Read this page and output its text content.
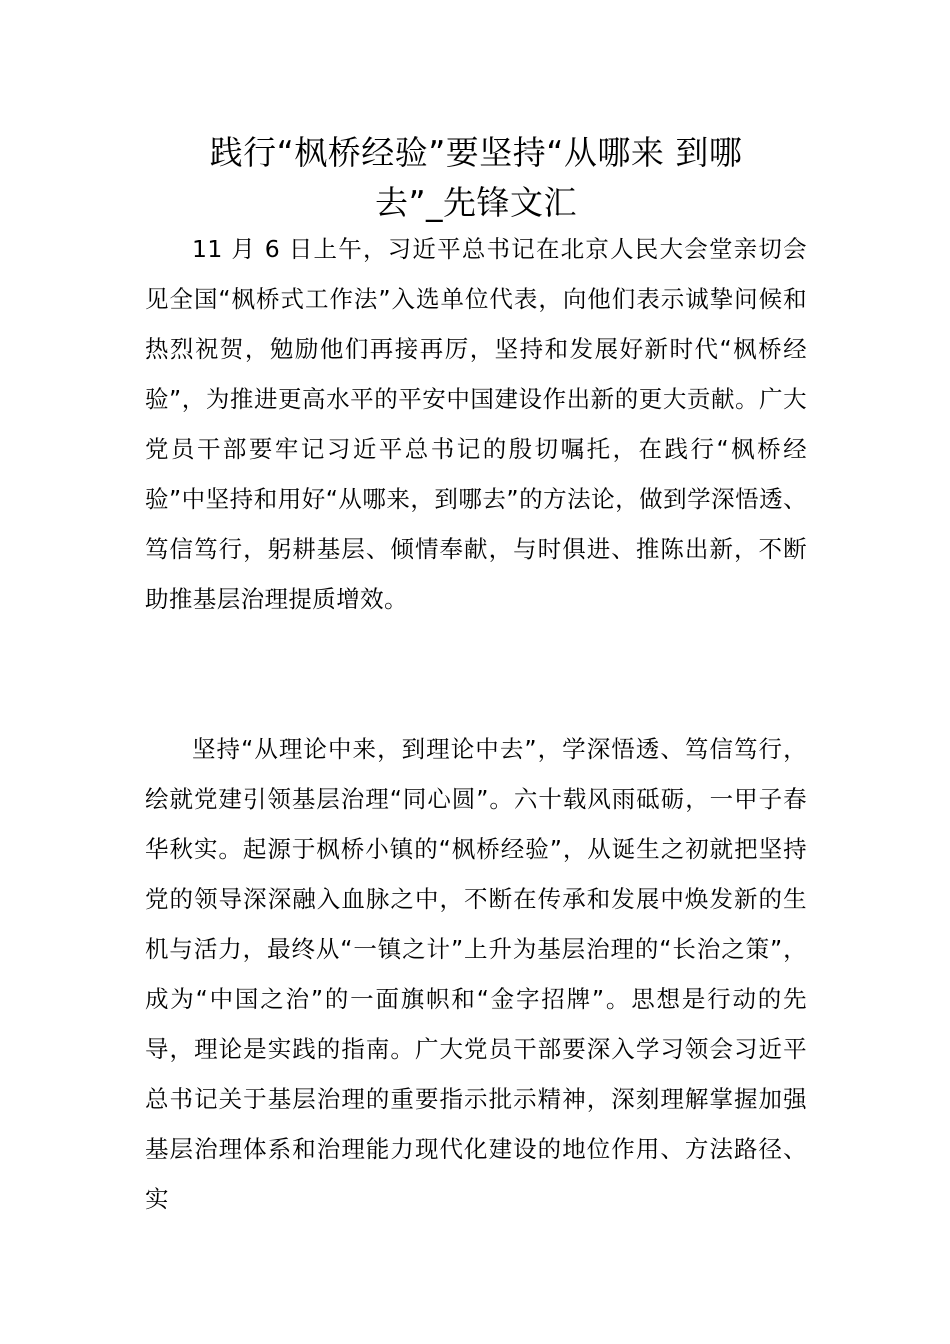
践行“枫桥经验”要坚持“从哪来 到哪
去”_先锋文汇

11 月 6 日上午，习近平总书记在北京人民大会堂亲切会见全国“枫桥式工作法”入选单位代表，向他们表示诚挚问候和热烈祝贺，勉励他们再接再厉，坚持和发展好新时代“枫桥经验”，为推进更高水平的平安中国建设作出新的更大贡献。广大党员干部要牢记习近平总书记的殷切嘱托，在践行“枫桥经验”中坚持和用好“从哪来，到哪去”的方法论，做到学深悟透、笃信笃行，躬耕基层、倾情奉献，与时俱进、推陈出新，不断助推基层治理提质增效。

坚持“从理论中来，到理论中去”，学深悟透、笃信笃行，绘就党建引领基层治理“同心圆”。六十载风雨砥砺，一甲子春华秋实。起源于枫桥小镇的“枫桥经验”，从诞生之初就把坚持党的领导深深融入血脉之中，不断在传承和发展中焕发新的生机与活力，最终从“一镇之计”上升为基层治理的“长治之策”，成为“中国之治”的一面旗帜和“金字招牌”。思想是行动的先导，理论是实践的指南。广大党员干部要深入学习领会习近平总书记关于基层治理的重要指示批示精神，深刻理解掌握加强基层治理体系和治理能力现代化建设的地位作用、方法路径、实
